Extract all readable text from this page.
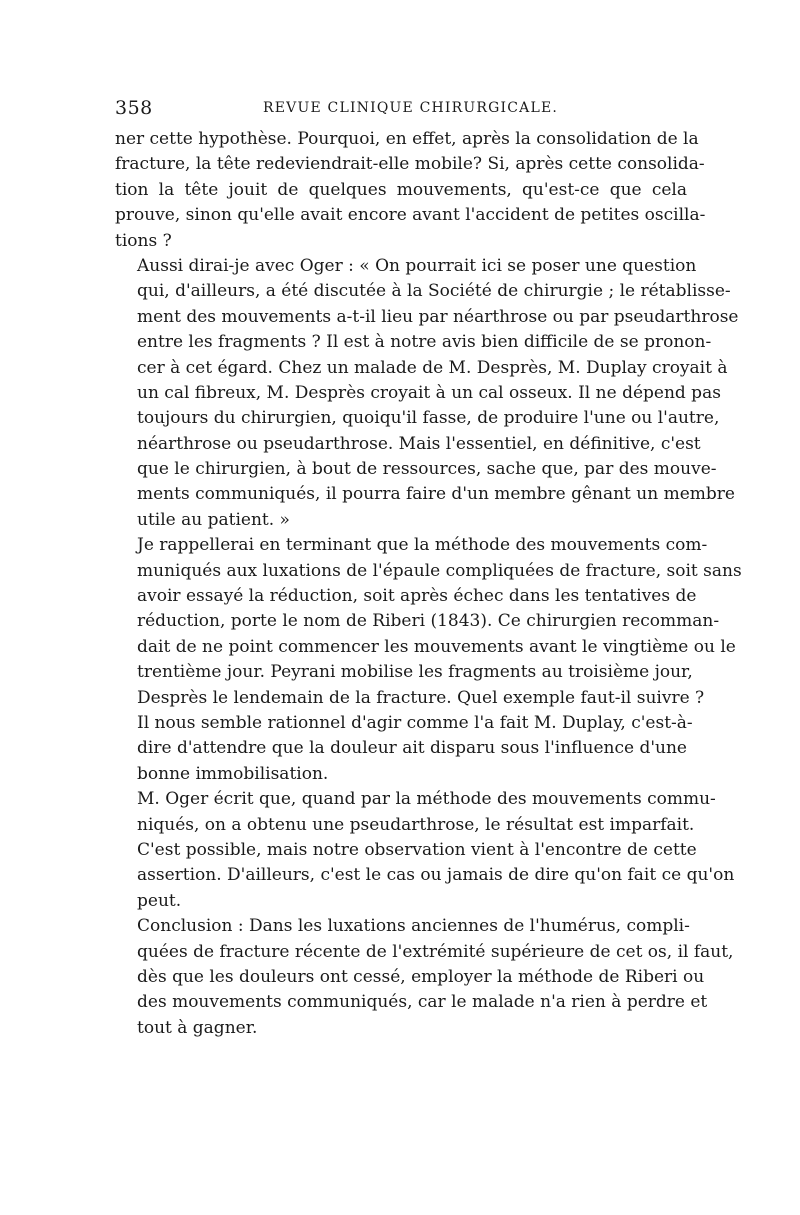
358	REVUE CLINIQUE CHIRURGICALE.

ner cette hypothèse. Pourquoi, en effet, après la consolidation de la
fracture, la tête redeviendrait-elle mobile? Si, après cette consolida-
tion la tête jouit de quelques mouvements, qu'est-ce que cela
prouve, sinon qu'elle avait encore avant l'accident de petites oscilla-
tions ?

Aussi dirai-je avec Oger : « On pourrait ici se poser une question
qui, d'ailleurs, a été discutée à la Société de chirurgie ; le rétablisse-
ment des mouvements a-t-il lieu par néarthrose ou par pseudarthrose
entre les fragments ? Il est à notre avis bien difficile de se pronon-
cer à cet égard. Chez un malade de M. Desprès, M. Duplay croyait à
un cal fibreux, M. Desprès croyait à un cal osseux. Il ne dépend pas
toujours du chirurgien, quoiqu'il fasse, de produire l'une ou l'autre,
néarthrose ou pseudarthrose. Mais l'essentiel, en définitive, c'est
que le chirurgien, à bout de ressources, sache que, par des mouve-
ments communiqués, il pourra faire d'un membre gênant un membre
utile au patient. »

Je rappellerai en terminant que la méthode des mouvements com-
muniqués aux luxations de l'épaule compliquées de fracture, soit sans
avoir essayé la réduction, soit après échec dans les tentatives de
réduction, porte le nom de Riberi (1843). Ce chirurgien recomman-
dait de ne point commencer les mouvements avant le vingtième ou le
trentième jour. Peyrani mobilise les fragments au troisième jour,
Desprès le lendemain de la fracture. Quel exemple faut-il suivre ?

Il nous semble rationnel d'agir comme l'a fait M. Duplay, c'est-à-
dire d'attendre que la douleur ait disparu sous l'influence d'une
bonne immobilisation.

M. Oger écrit que, quand par la méthode des mouvements commu-
niqués, on a obtenu une pseudarthrose, le résultat est imparfait.
C'est possible, mais notre observation vient à l'encontre de cette
assertion. D'ailleurs, c'est le cas ou jamais de dire qu'on fait ce qu'on
peut.

Conclusion : Dans les luxations anciennes de l'humérus, compli-
quées de fracture récente de l'extrémité supérieure de cet os, il faut,
dès que les douleurs ont cessé, employer la méthode de Riberi ou
des mouvements communiqués, car le malade n'a rien à perdre et
tout à gagner.
